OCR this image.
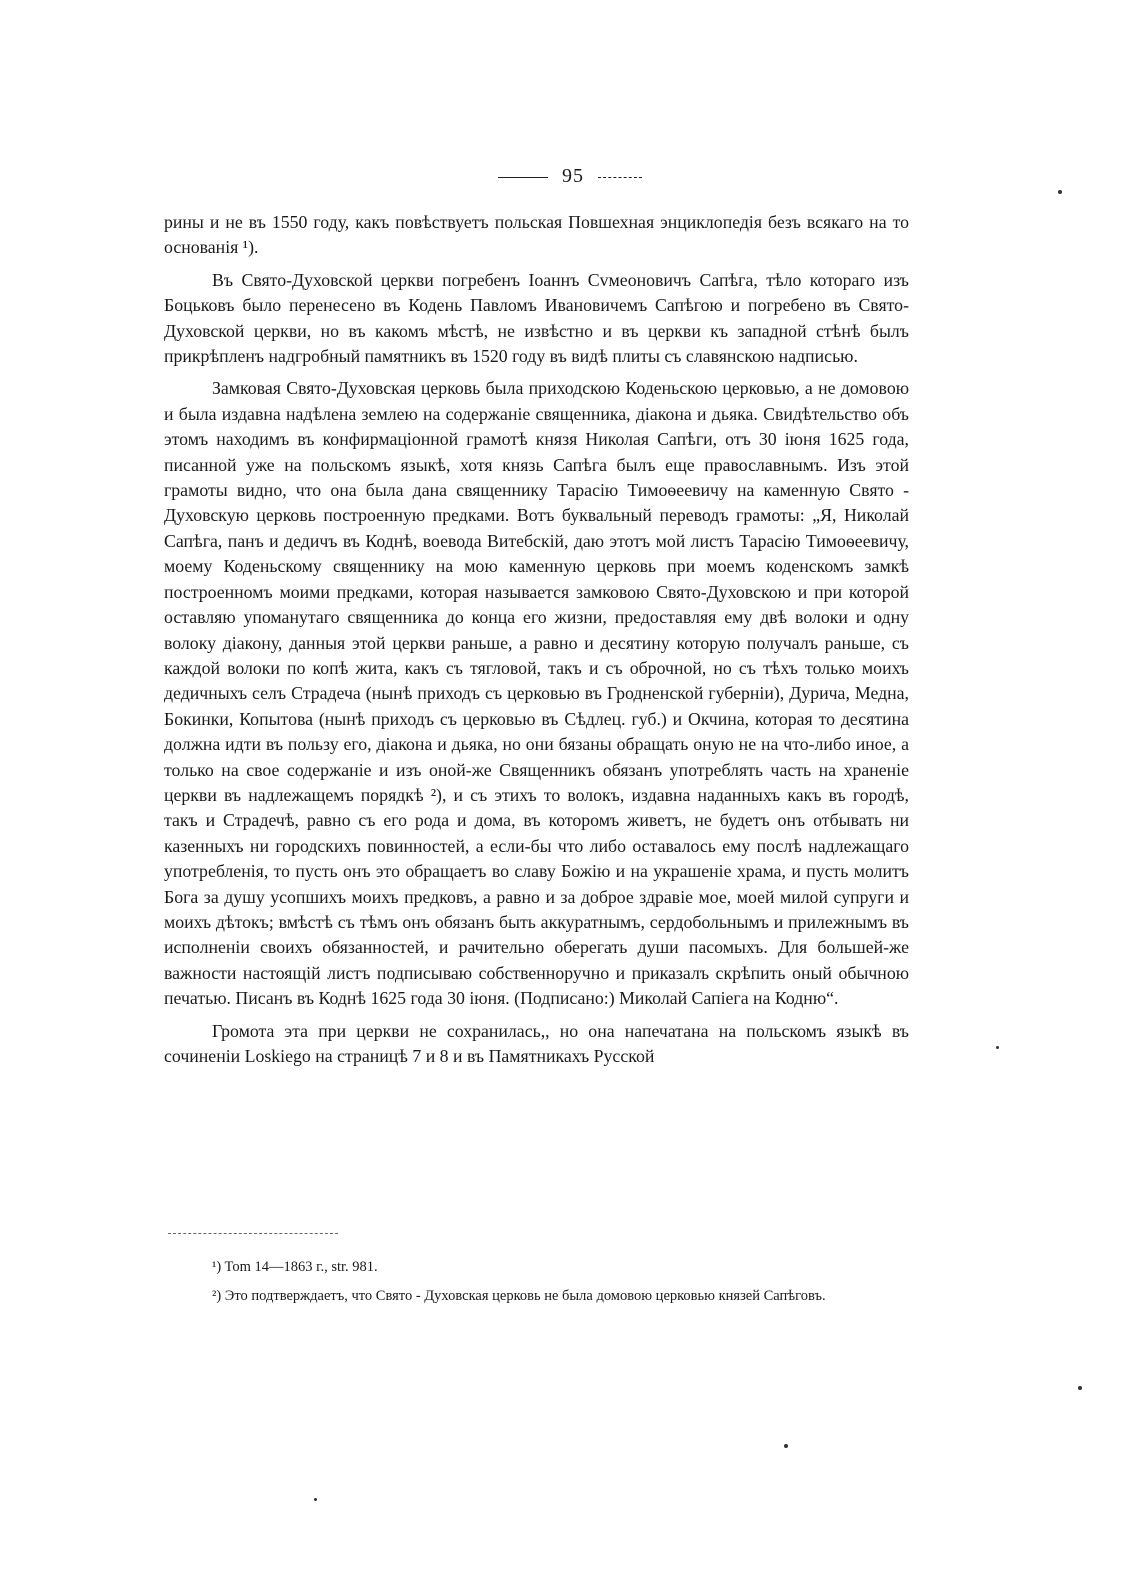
95

рины и не въ 1550 году, какъ повѣствуетъ польская Повшехная энциклопедія безъ всякаго на то основанія ¹).

Въ Свято-Духовской церкви погребенъ Іоаннъ Сvмеоновичъ Сапѣга, тѣло котораго изъ Боцьковъ было перенесено въ Кодень Павломъ Ивановичемъ Сапѣгою и погребено въ Свято-Духовской церкви, но въ какомъ мѣстѣ, не извѣстно и въ церкви къ западной стѣнѣ былъ прикрѣпленъ надгробный памятникъ въ 1520 году въ видѣ плиты съ славянскою надписью.

Замковая Свято-Духовская церковь была приходскою Коденьскою церковью, а не домовою и была издавна надѣлена землею на содержаніе священника, діакона и дьяка. Свидѣтельство объ этомъ находимъ въ конфирмаціонной грамотѣ князя Николая Сапѣги, отъ 30 іюня 1625 года, писанной уже на польскомъ языкѣ, хотя князь Сапѣга былъ еще православнымъ. Изъ этой грамоты видно, что она была дана священнику Тарасію Тимоѳеевичу на каменную Свято - Духовскую церковь построенную предками. Вотъ буквальный переводъ грамоты: „Я, Николай Сапѣга, панъ и дедичъ въ Коднѣ, воевода Витебскій, даю этотъ мой листъ Тарасію Тимоѳеевичу, моему Коденьскому священнику на мою каменную церковь при моемъ коденскомъ замкѣ построенномъ моими предками, которая называется замковою Свято-Духовскою и при которой оставляю упоманутаго священника до конца его жизни, предоставляя ему двѣ волоки и одну волоку діакону, данныя этой церкви раньше, а равно и десятину которую получалъ раньше, съ каждой волоки по копѣ жита, какъ съ тягловой, такъ и съ оброчной, но съ тѣхъ только моихъ дедичныхъ селъ Страдеча (нынѣ приходъ съ церковью въ Гродненской губерніи), Дурича, Медна, Бокинки, Копытова (нынѣ приходъ съ церковью въ Сѣдлец. губ.) и Окчина, которая то десятина должна идти въ пользу его, діакона и дьяка, но они бязаны обращать оную не на что-либо иное, а только на свое содержаніе и изъ оной-же Священникъ обязанъ употреблять часть на храненіе церкви въ надлежащемъ порядкѣ ²), и съ этихъ то волокъ, издавна наданныхъ какъ въ городѣ, такъ и Страдечѣ, равно съ его рода и дома, въ которомъ живетъ, не будетъ онъ отбывать ни казенныхъ ни городскихъ повинностей, а если-бы что либо оставалось ему послѣ надлежащаго употребленія, то пусть онъ это обращаетъ во славу Божію и на украшеніе храма, и пусть молитъ Бога за душу усопшихъ моихъ предковъ, а равно и за доброе здравіе мое, моей милой супруги и моихъ дѣтокъ; вмѣстѣ съ тѣмъ онъ обязанъ быть аккуратнымъ, сердобольнымъ и прилежнымъ въ исполненіи своихъ обязанностей, и рачительно оберегать души пасомыхъ. Для большей-же важности настоящій листъ подписываю собственноручно и приказалъ скрѣпить оный обычною печатью. Писанъ въ Коднѣ 1625 года 30 іюня. (Подписано:) Миколай Сапіега на Кодню“.

Громота эта при церкви не сохранилась,, но она напечатана на польскомъ языкѣ въ сочиненіи Loskiego на страницѣ 7 и 8 и въ Памятникахъ Русской

¹) Tom 14—1863 г., str. 981.

²) Это подтверждаетъ, что Свято - Духовская церковь не была домовою церковью князей Сапѣговъ.
